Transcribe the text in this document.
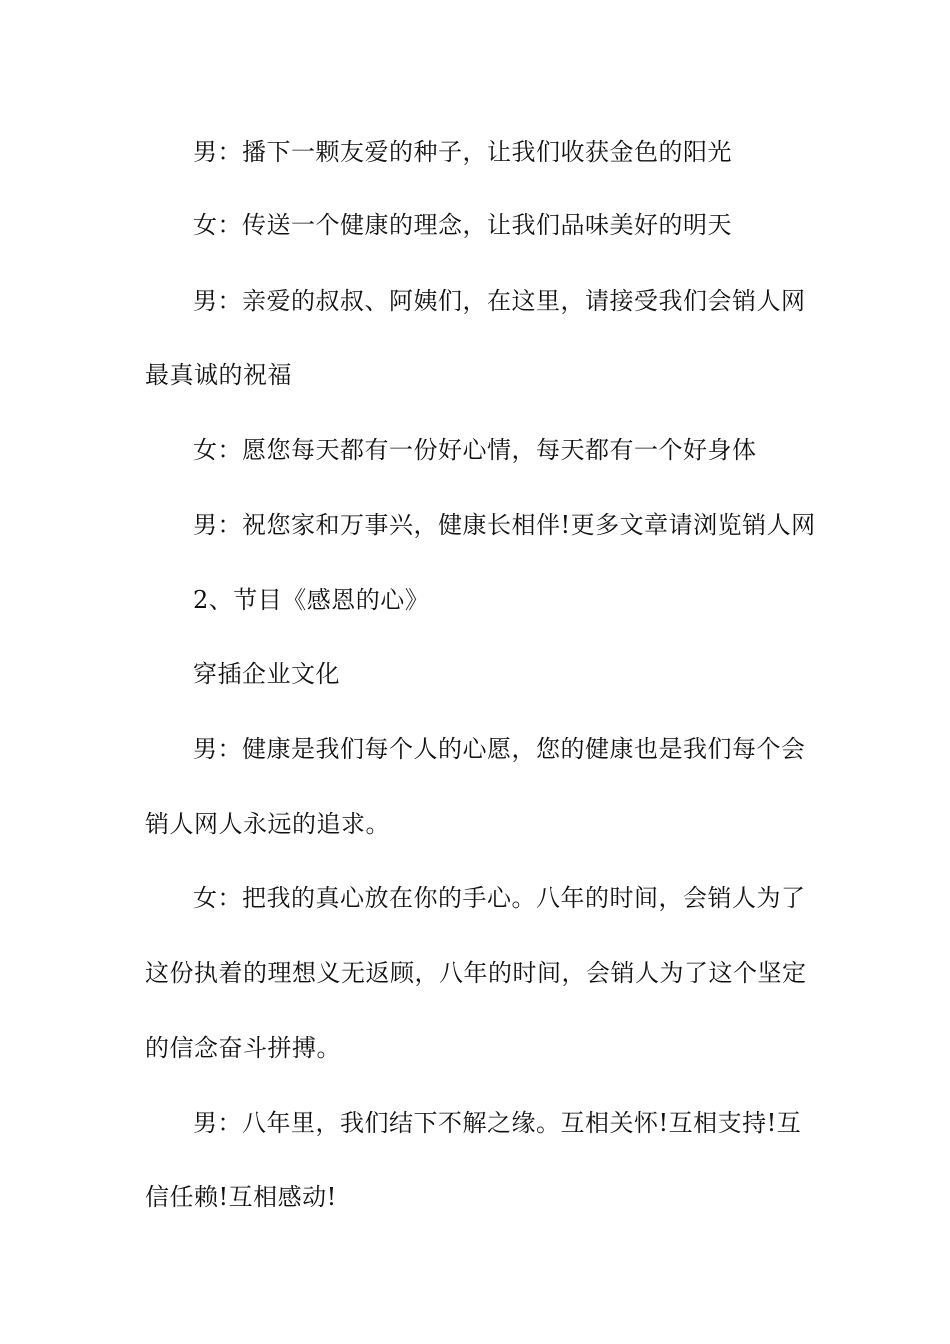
男：播下一颗友爱的种子，让我们收获金色的阳光
女：传送一个健康的理念，让我们品味美好的明天
男：亲爱的叔叔、阿姨们，在这里，请接受我们会销人网
最真诚的祝福
女：愿您每天都有一份好心情，每天都有一个好身体
男：祝您家和万事兴，健康长相伴!更多文章请浏览销人网
2、节目《感恩的心》
穿插企业文化
男：健康是我们每个人的心愿，您的健康也是我们每个会
销人网人永远的追求。
女：把我的真心放在你的手心。八年的时间，会销人为了
这份执着的理想义无返顾，八年的时间，会销人为了这个坚定
的信念奋斗拼搏。
男：八年里，我们结下不解之缘。互相关怀!互相支持!互
信任赖!互相感动!
